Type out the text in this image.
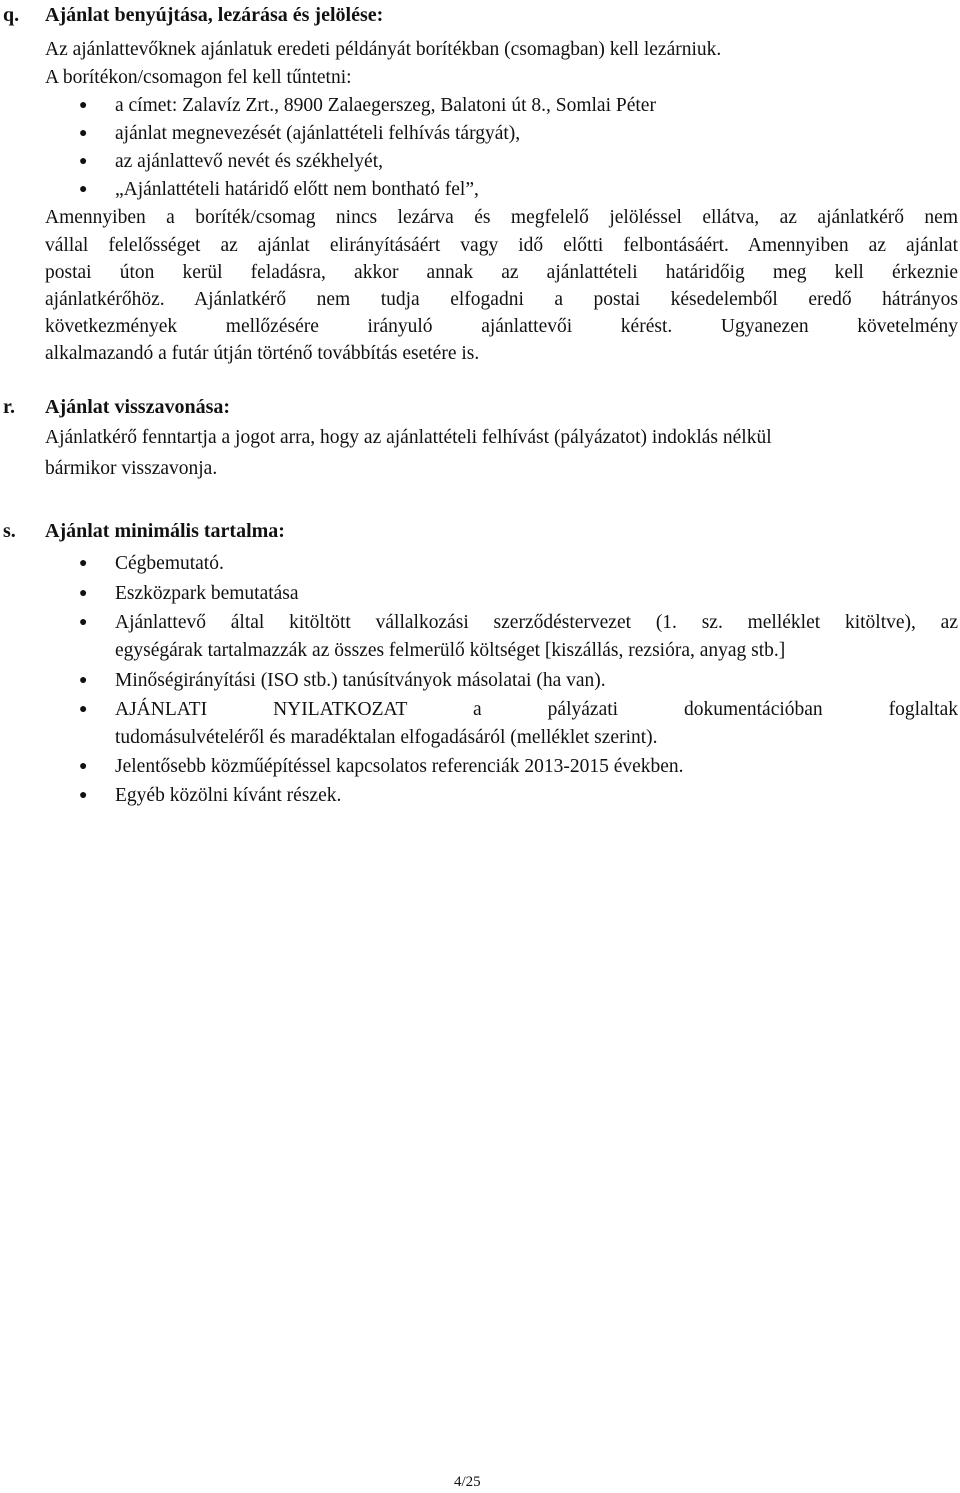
q. Ajánlat benyújtása, lezárása és jelölése:
Az ajánlattevőknek ajánlatuk eredeti példányát borítékban (csomagban) kell lezárniuk.
A borítékon/csomagon fel kell tűntetni:
● a címet: Zalavíz Zrt., 8900 Zalaegerszeg, Balatoni út 8., Somlai Péter
● ajánlat megnevezését (ajánlattételi felhívás tárgyát),
● az ajánlattevő nevét és székhelyét,
● „Ajánlattételi határidő előtt nem bontható fel”,
Amennyiben a boríték/csomag nincs lezárva és megfelelő jelöléssel ellátva, az ajánlatkérő nem
vállal felelősséget az ajánlat elirányításáért vagy idő előtti felbontásáért. Amennyiben az ajánlat
postai úton kerül feladásra, akkor annak az ajánlattételi határidőig meg kell érkeznie
ajánlatkérőhöz. Ajánlatkérő nem tudja elfogadni a postai késedelemből eredő hátrányos
következmények mellőzésére irányuló ajánlattevői kérést. Ugyanezen követelmény
alkalmazandó a futár útján történő továbbítás esetére is.
r. Ajánlat visszavonása:
Ajánlatkérő fenntartja a jogot arra, hogy az ajánlattételi felhívást (pályázatot) indoklás nélkül
bármikor visszavonja.
s. Ajánlat minimális tartalma:
● Cégbemutató.
● Eszközpark bemutatása
● Ajánlattevő által kitöltött vállalkozási szerződéstervezet (1. sz. melléklet kitöltve), az
egységárak tartalmazzák az összes felmerülő költséget [kiszállás, rezsióra, anyag stb.]
● Minőségirányítási (ISO stb.) tanúsítványok másolatai (ha van).
● AJÁNLATI NYILATKOZAT a pályázati dokumentációban foglaltak
tudomásulvételéről és maradéktalan elfogadásáról (melléklet szerint).
● Jelentősebb közműépítéssel kapcsolatos referenciák 2013-2015 években.
● Egyéb közölni kívánt részek.
4/25
